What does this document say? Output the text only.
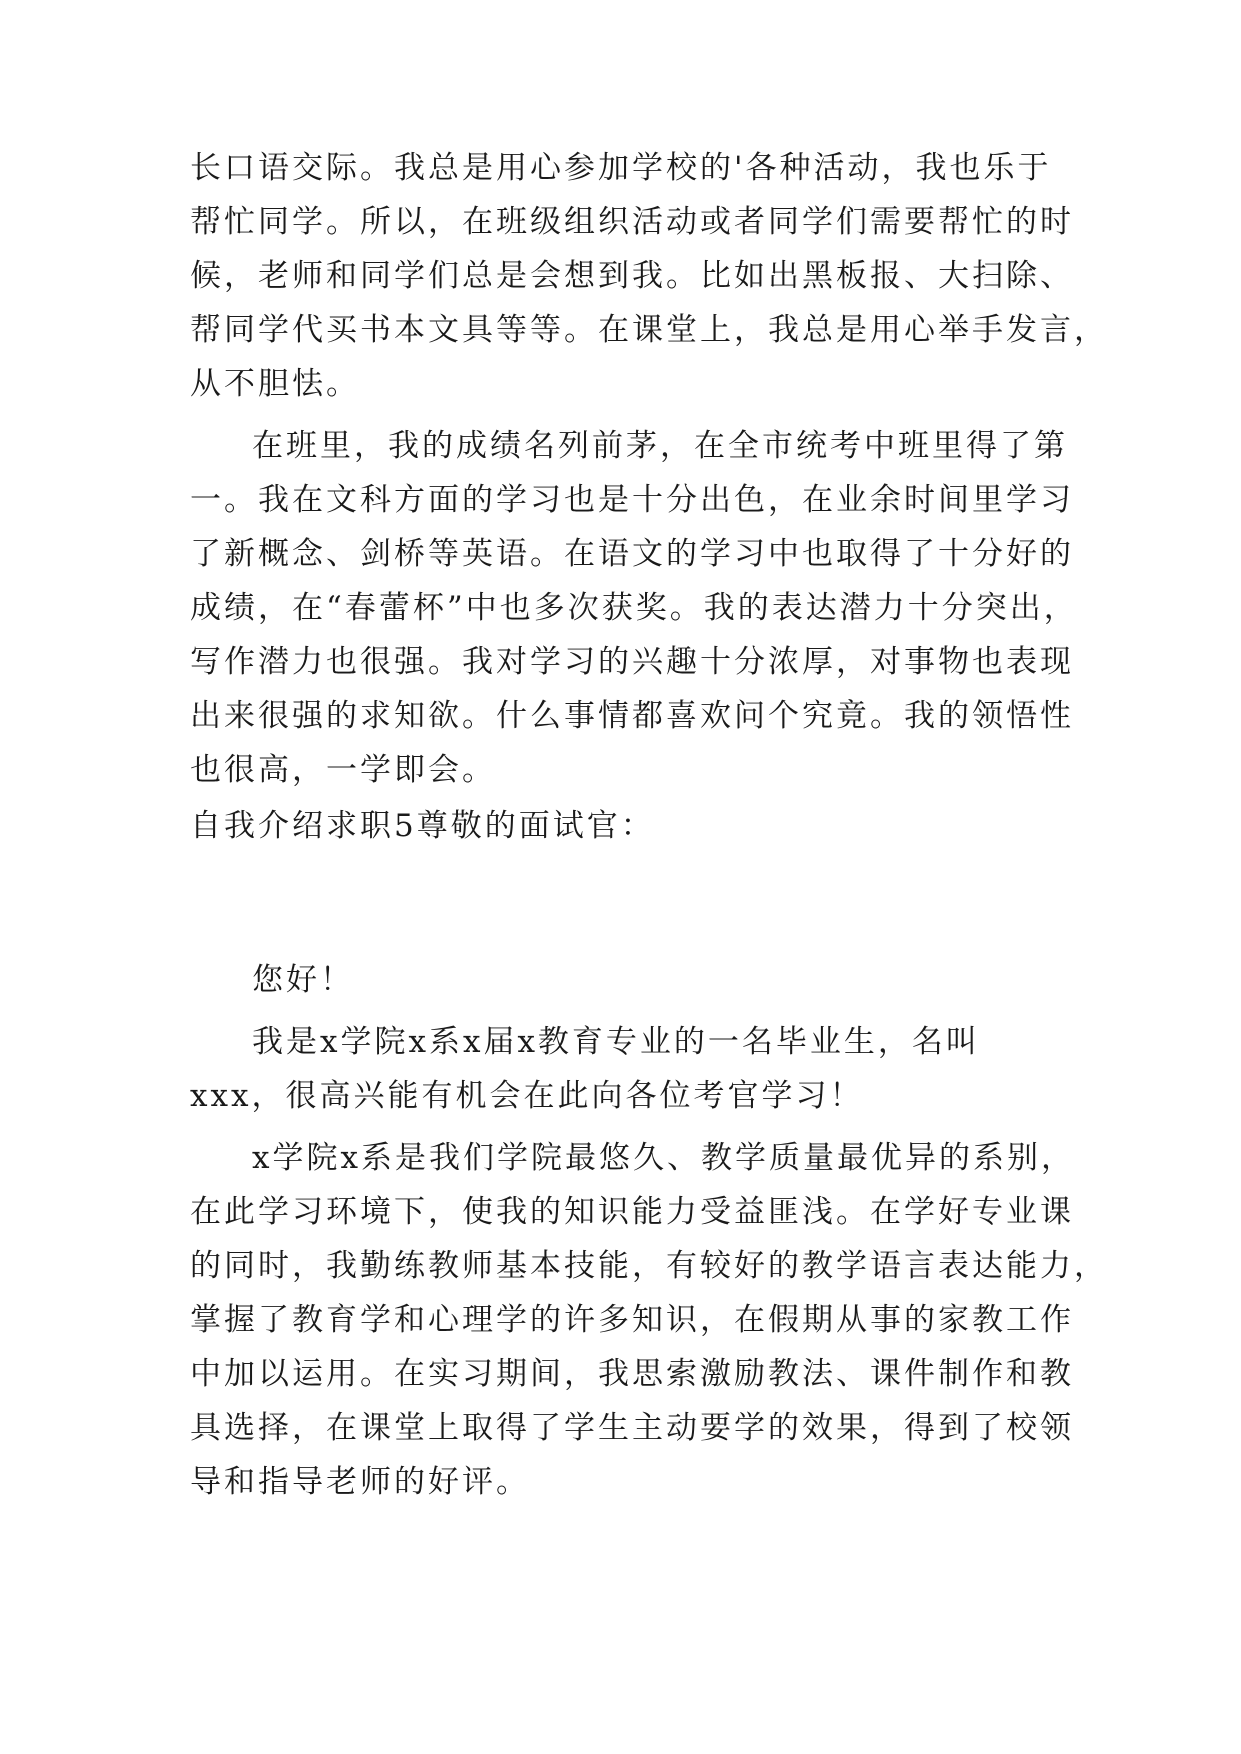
长口语交际。我总是用心参加学校的'各种活动，我也乐于
帮忙同学。所以，在班级组织活动或者同学们需要帮忙的时
候，老师和同学们总是会想到我。比如出黑板报、大扫除、
帮同学代买书本文具等等。在课堂上，我总是用心举手发言，
从不胆怯。
在班里，我的成绩名列前茅，在全市统考中班里得了第
一。我在文科方面的学习也是十分出色，在业余时间里学习
了新概念、剑桥等英语。在语文的学习中也取得了十分好的
成绩，在“春蕾杯”中也多次获奖。我的表达潜力十分突出，
写作潜力也很强。我对学习的兴趣十分浓厚，对事物也表现
出来很强的求知欲。什么事情都喜欢问个究竟。我的领悟性
也很高，一学即会。
自我介绍求职5尊敬的面试官：
您好！
我是x学院x系x届x教育专业的一名毕业生，名叫
xxx，很高兴能有机会在此向各位考官学习！
x学院x系是我们学院最悠久、教学质量最优异的系别，
在此学习环境下，使我的知识能力受益匪浅。在学好专业课
的同时，我勤练教师基本技能，有较好的教学语言表达能力，
掌握了教育学和心理学的许多知识，在假期从事的家教工作
中加以运用。在实习期间，我思索激励教法、课件制作和教
具选择，在课堂上取得了学生主动要学的效果，得到了校领
导和指导老师的好评。
